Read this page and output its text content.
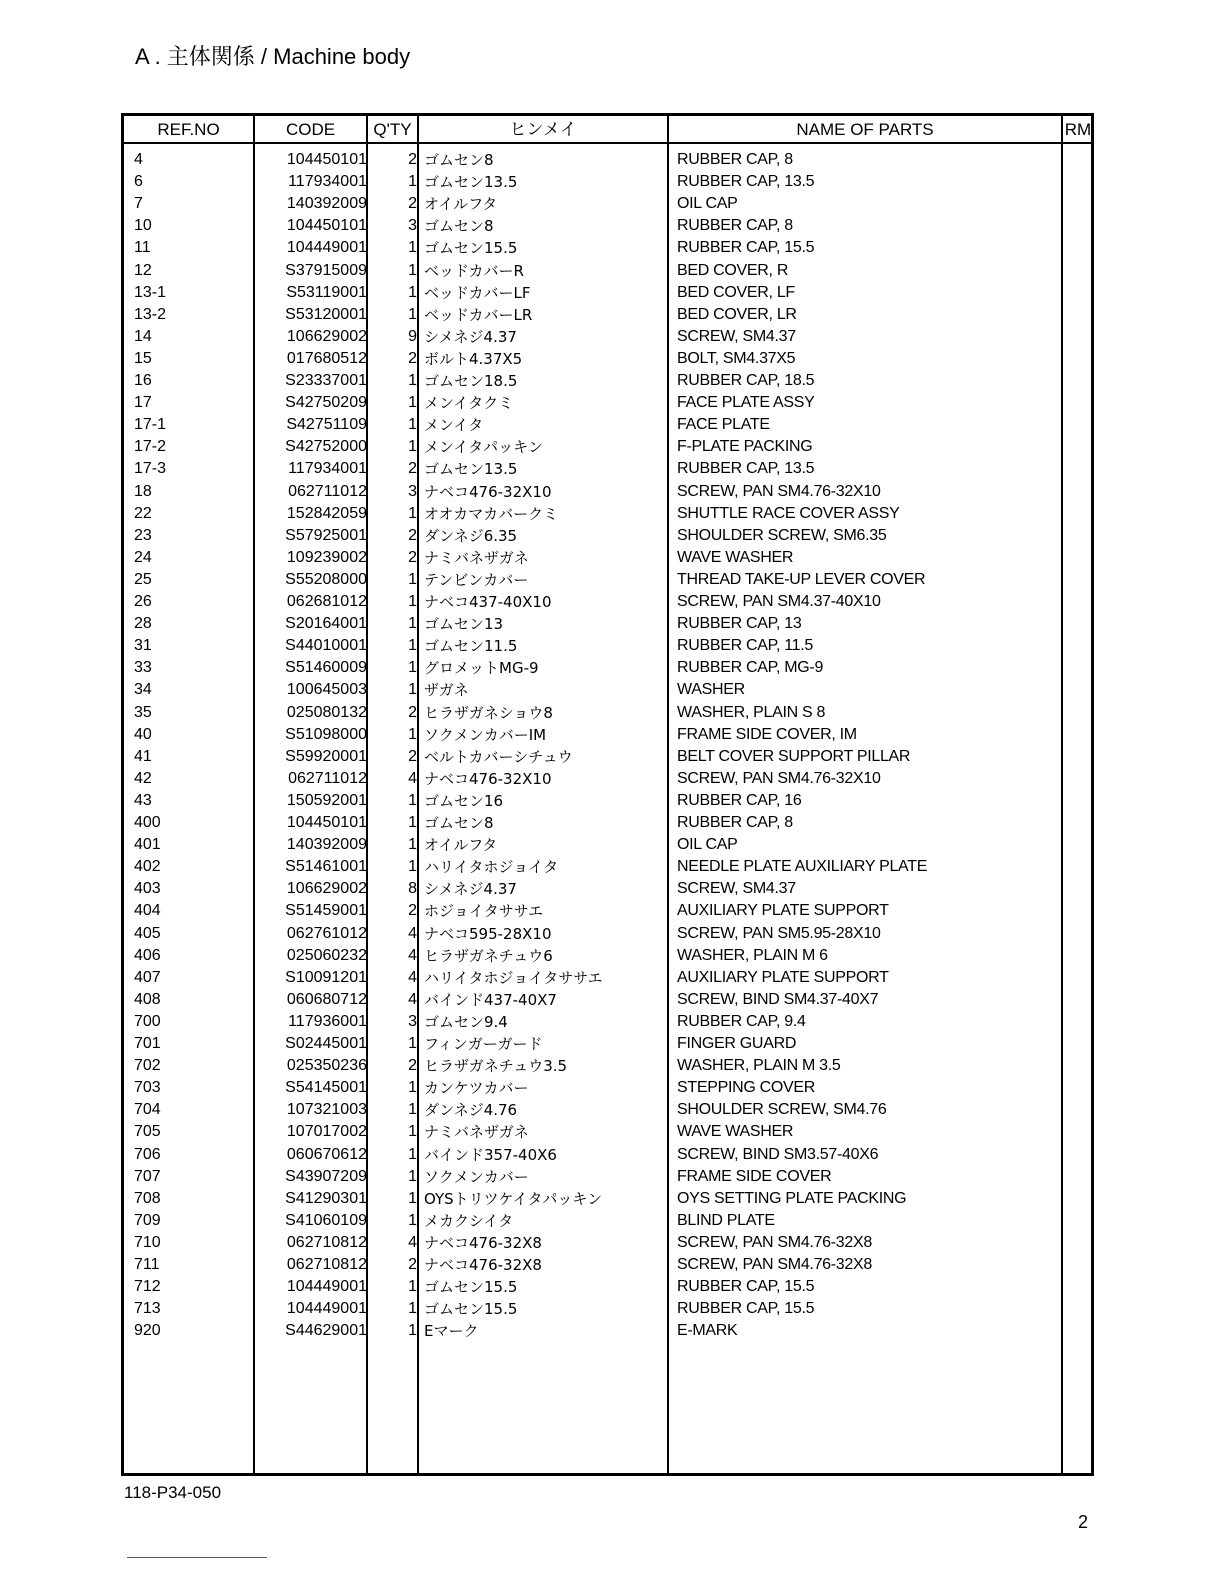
A . 主体関係 / Machine body
REF.NO	CODE	Q'TY	ヒンメイ	NAME OF PARTS	RM
4	104450101	2 ゴムセン8	RUBBER CAP, 8
6	117934001	1 ゴムセン13.5	RUBBER CAP, 13.5
7	140392009	2 オイルフタ	OIL CAP
10	104450101	3 ゴムセン8	RUBBER CAP, 8
11	104449001	1 ゴムセン15.5	RUBBER CAP, 15.5
12	S37915009	1 ベッドカバーR	BED COVER, R
13-1	S53119001	1 ベッドカバーLF	BED COVER, LF
13-2	S53120001	1 ベッドカバーLR	BED COVER, LR
14	106629002	9 シメネジ4.37	SCREW, SM4.37
15	017680512	2 ボルト4.37X5	BOLT, SM4.37X5
16	S23337001	1 ゴムセン18.5	RUBBER CAP, 18.5
17	S42750209	1 メンイタクミ	FACE PLATE ASSY
17-1	S42751109	1 メンイタ	FACE PLATE
17-2	S42752000	1 メンイタパッキン	F-PLATE PACKING
17-3	117934001	2 ゴムセン13.5	RUBBER CAP, 13.5
18	062711012	3 ナベコ476-32X10	SCREW, PAN SM4.76-32X10
22	152842059	1 オオカマカバークミ	SHUTTLE RACE COVER ASSY
23	S57925001	2 ダンネジ6.35	SHOULDER SCREW, SM6.35
24	109239002	2 ナミバネザガネ	WAVE WASHER
25	S55208000	1 テンビンカバー	THREAD TAKE-UP LEVER COVER
26	062681012	1 ナベコ437-40X10	SCREW, PAN SM4.37-40X10
28	S20164001	1 ゴムセン13	RUBBER CAP, 13
31	S44010001	1 ゴムセン11.5	RUBBER CAP, 11.5
33	S51460009	1 グロメットMG-9	RUBBER CAP, MG-9
34	100645003	1 ザガネ	WASHER
35	025080132	2 ヒラザガネショウ8	WASHER, PLAIN S 8
40	S51098000	1 ソクメンカバーIM	FRAME SIDE COVER, IM
41	S59920001	2 ベルトカバーシチュウ	BELT COVER SUPPORT PILLAR
42	062711012	4 ナベコ476-32X10	SCREW, PAN SM4.76-32X10
43	150592001	1 ゴムセン16	RUBBER CAP, 16
400	104450101	1 ゴムセン8	RUBBER CAP, 8
401	140392009	1 オイルフタ	OIL CAP
402	S51461001	1 ハリイタホジョイタ	NEEDLE PLATE AUXILIARY PLATE
403	106629002	8 シメネジ4.37	SCREW, SM4.37
404	S51459001	2 ホジョイタササエ	AUXILIARY PLATE SUPPORT
405	062761012	4 ナベコ595-28X10	SCREW, PAN SM5.95-28X10
406	025060232	4 ヒラザガネチュウ6	WASHER, PLAIN M 6
407	S10091201	4 ハリイタホジョイタササエ	AUXILIARY PLATE SUPPORT
408	060680712	4 バインド437-40X7	SCREW, BIND SM4.37-40X7
700	117936001	3 ゴムセン9.4	RUBBER CAP, 9.4
701	S02445001	1 フィンガーガード	FINGER GUARD
702	025350236	2 ヒラザガネチュウ3.5	WASHER, PLAIN M 3.5
703	S54145001	1 カンケツカバー	STEPPING COVER
704	107321003	1 ダンネジ4.76	SHOULDER SCREW, SM4.76
705	107017002	1 ナミバネザガネ	WAVE WASHER
706	060670612	1 バインド357-40X6	SCREW, BIND SM3.57-40X6
707	S43907209	1 ソクメンカバー	FRAME SIDE COVER
708	S41290301	1 OYSトリツケイタパッキン	OYS SETTING PLATE PACKING
709	S41060109	1 メカクシイタ	BLIND PLATE
710	062710812	4 ナベコ476-32X8	SCREW, PAN SM4.76-32X8
711	062710812	2 ナベコ476-32X8	SCREW, PAN SM4.76-32X8
712	104449001	1 ゴムセン15.5	RUBBER CAP, 15.5
713	104449001	1 ゴムセン15.5	RUBBER CAP, 15.5
920	S44629001	1 Eマーク	E-MARK
118-P34-050
2
